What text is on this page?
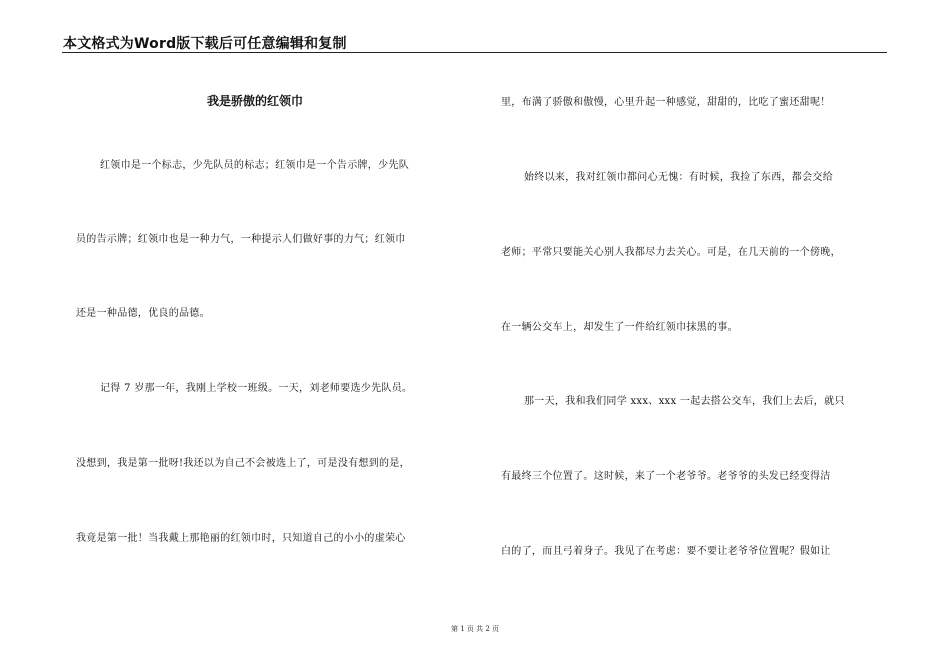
本文格式为Word版下载后可任意编辑和复制
我是骄傲的红领巾
红领巾是一个标志，少先队员的标志；红领巾是一个告示牌，少先队
员的告示牌；红领巾也是一种力气，一种提示人们做好事的力气；红领巾
还是一种品德，优良的品德。
记得 7 岁那一年，我刚上学校一班级。一天，刘老师要选少先队员。
没想到，我是第一批呀!我还以为自己不会被选上了，可是没有想到的是，
我竟是第一批！当我戴上那艳丽的红领巾时，只知道自己的小小的虚荣心
里，布满了骄傲和傲慢，心里升起一种感觉，甜甜的，比吃了蜜还甜呢！
始终以来，我对红领巾都问心无愧：有时候，我捡了东西，都会交给
老师；平常只要能关心别人我都尽力去关心。可是，在几天前的一个傍晚，
在一辆公交车上，却发生了一件给红领巾抹黑的事。
那一天，我和我们同学 xxx、xxx 一起去搭公交车，我们上去后，就只
有最终三个位置了。这时候，来了一个老爷爷。老爷爷的头发已经变得洁
白的了，而且弓着身子。我见了在考虑：要不要让老爷爷位置呢？假如让
第 1 页 共 2 页
